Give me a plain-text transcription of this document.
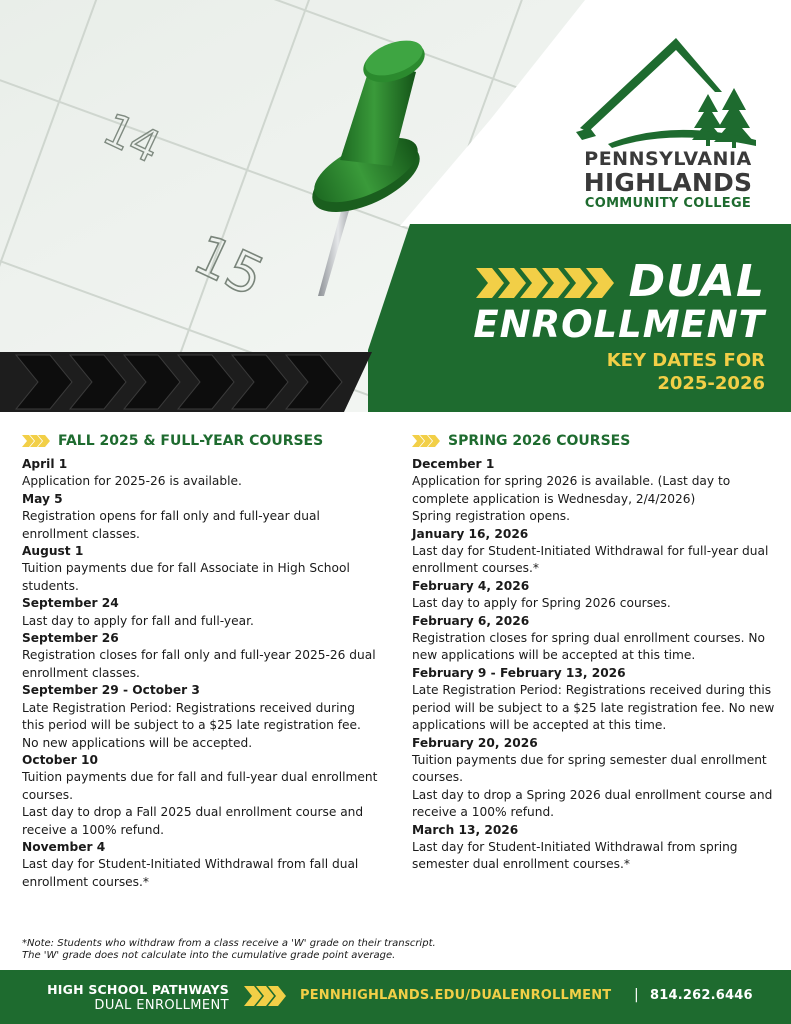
14
15
PENNSYLVANIA
HIGHLANDS
COMMUNITY COLLEGE
DUAL
ENROLLMENT
KEY DATES FOR
2025-2026
FALL 2025 & FULL-YEAR COURSES
April 1
Application for 2025-26 is available.
May 5
Registration opens for fall only and full-year dual enrollment classes.
August 1
Tuition payments due for fall Associate in High School students.
September 24
Last day to apply for fall and full-year.
September 26
Registration closes for fall only and full-year 2025-26 dual enrollment classes.
September 29 - October 3
Late Registration Period: Registrations received during this period will be subject to a $25 late registration fee. No new applications will be accepted.
October 10
Tuition payments due for fall and full-year dual enrollment courses.
Last day to drop a Fall 2025 dual enrollment course and receive a 100% refund.
November 4
Last day for Student-Initiated Withdrawal from fall dual enrollment courses.*
SPRING 2026 COURSES
December 1
Application for spring 2026 is available. (Last day to complete application is Wednesday, 2/4/2026)
Spring registration opens.
January 16, 2026
Last day for Student-Initiated Withdrawal for full-year dual enrollment courses.*
February 4, 2026
Last day to apply for Spring 2026 courses.
February 6, 2026
Registration closes for spring dual enrollment courses. No new applications will be accepted at this time.
February 9 - February 13, 2026
Late Registration Period: Registrations received during this period will be subject to a $25 late registration fee. No new applications will be accepted at this time.
February 20, 2026
Tuition payments due for spring semester dual enrollment courses.
Last day to drop a Spring 2026 dual enrollment course and receive a 100% refund.
March 13, 2026
Last day for Student-Initiated Withdrawal from spring semester dual enrollment courses.*
*Note: Students who withdraw from a class receive a 'W' grade on their transcript.
The 'W' grade does not calculate into the cumulative grade point average.
HIGH SCHOOL PATHWAYS
DUAL ENROLLMENT
PENNHIGHLANDS.EDU/DUALENROLLMENT | 814.262.6446
